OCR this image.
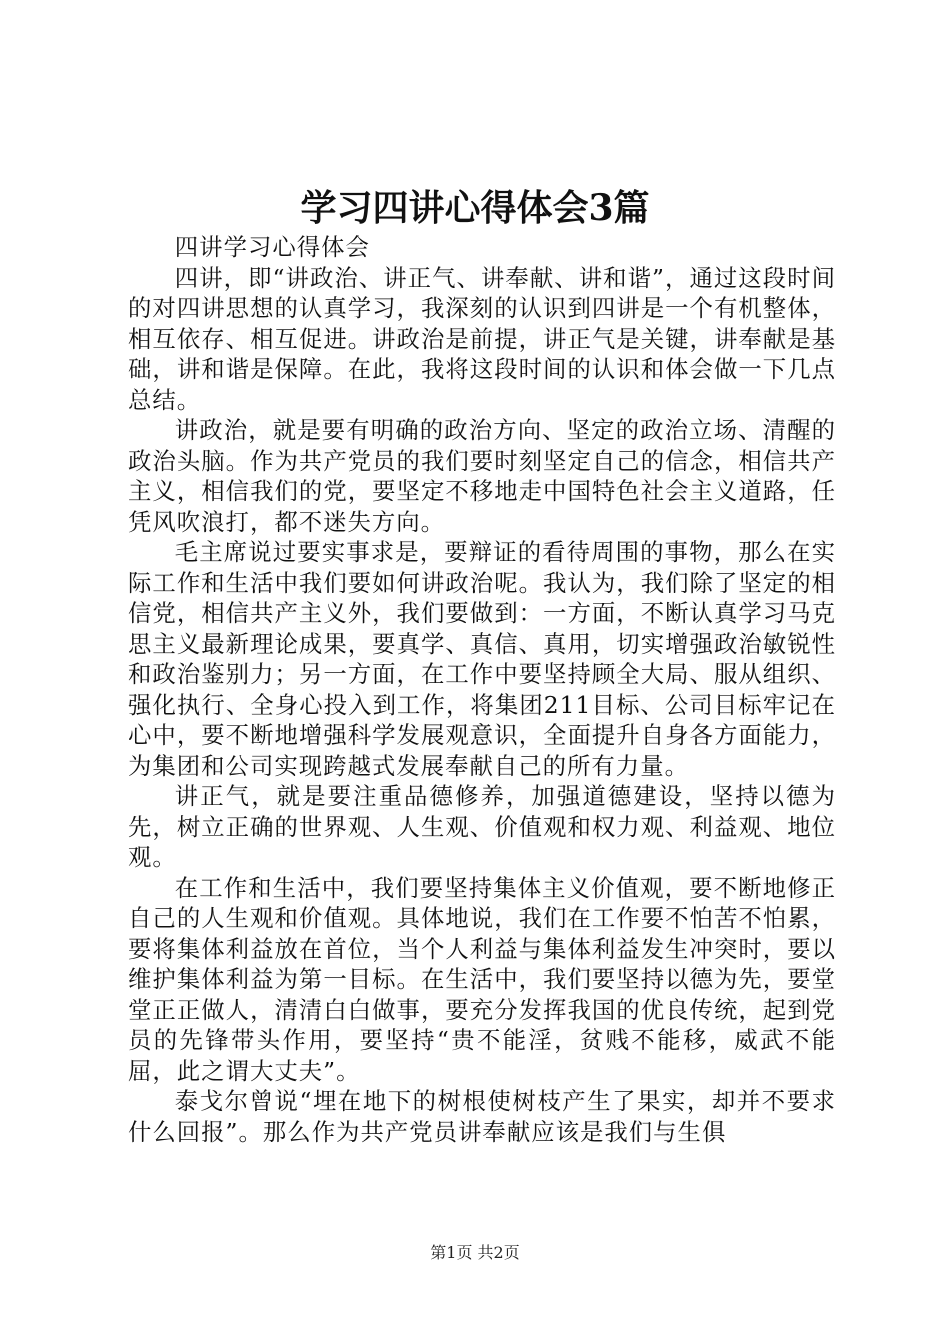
学习四讲心得体会3篇

四讲学习心得体会

四讲，即“讲政治、讲正气、讲奉献、讲和谐”，通过这段时间的对四讲思想的认真学习，我深刻的认识到四讲是一个有机整体，相互依存、相互促进。讲政治是前提，讲正气是关键，讲奉献是基础，讲和谐是保障。在此，我将这段时间的认识和体会做一下几点总结。

讲政治，就是要有明确的政治方向、坚定的政治立场、清醒的政治头脑。作为共产党员的我们要时刻坚定自己的信念，相信共产主义，相信我们的党，要坚定不移地走中国特色社会主义道路，任凭风吹浪打，都不迷失方向。

毛主席说过要实事求是，要辩证的看待周围的事物，那么在实际工作和生活中我们要如何讲政治呢。我认为，我们除了坚定的相信党，相信共产主义外，我们要做到：一方面，不断认真学习马克思主义最新理论成果，要真学、真信、真用，切实增强政治敏锐性和政治鉴别力；另一方面，在工作中要坚持顾全大局、服从组织、强化执行、全身心投入到工作，将集团211目标、公司目标牢记在心中，要不断地增强科学发展观意识，全面提升自身各方面能力，为集团和公司实现跨越式发展奉献自己的所有力量。

讲正气，就是要注重品德修养，加强道德建设，坚持以德为先，树立正确的世界观、人生观、价值观和权力观、利益观、地位观。

在工作和生活中，我们要坚持集体主义价值观，要不断地修正自己的人生观和价值观。具体地说，我们在工作要不怕苦不怕累，要将集体利益放在首位，当个人利益与集体利益发生冲突时，要以维护集体利益为第一目标。在生活中，我们要坚持以德为先，要堂堂正正做人，清清白白做事，要充分发挥我国的优良传统，起到党员的先锋带头作用，要坚持“贵不能淫，贫贱不能移，威武不能屈，此之谓大丈夫”。

泰戈尔曾说“埋在地下的树根使树枝产生了果实，却并不要求什么回报”。那么作为共产党员讲奉献应该是我们与生俱

第1页 共2页
